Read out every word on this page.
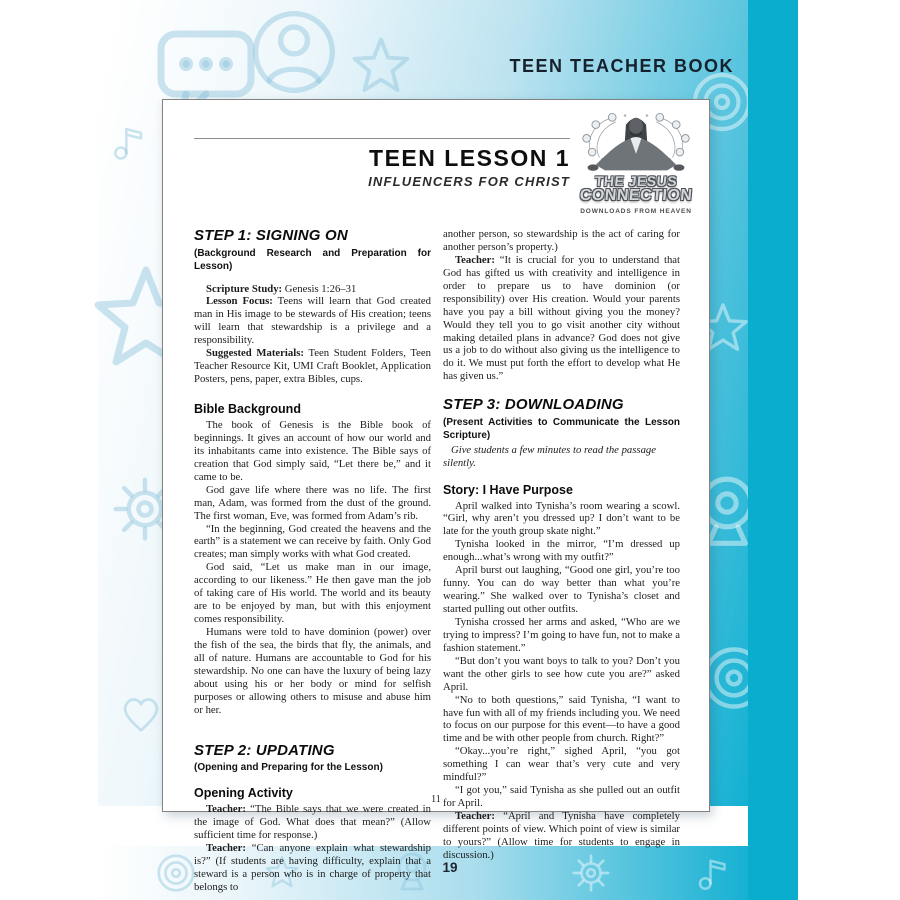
TEEN TEACHER BOOK
19
TEEN LESSON 1
INFLUENCERS FOR CHRIST	THE JESUS
CONNECTION
DOWNLOADS FROM HEAVEN
STEP 1: SIGNING ON
(Background Research and Preparation for Lesson)

Scripture Study: Genesis 1:26–31

Lesson Focus: Teens will learn that God created man in His image to be stewards of His creation; teens will learn that stewardship is a privilege and a responsibility.

Suggested Materials: Teen Student Folders, Teen Teacher Resource Kit, UMI Craft Booklet, Application Posters, pens, paper, extra Bibles, cups.

Bible Background

The book of Genesis is the Bible book of beginnings. It gives an account of how our world and its inhabitants came into existence. The Bible says of creation that God simply said, “Let there be,” and it came to be.

God gave life where there was no life. The first man, Adam, was formed from the dust of the ground. The first woman, Eve, was formed from Adam’s rib.

“In the beginning, God created the heavens and the earth” is a statement we can receive by faith. Only God creates; man simply works with what God created.

God said, “Let us make man in our image, according to our likeness.” He then gave man the job of taking care of His world. The world and its beauty are to be enjoyed by man, but with this enjoyment comes responsibility.

Humans were told to have dominion (power) over the fish of the sea, the birds that fly, the animals, and all of nature. Humans are accountable to God for his stewardship. No one can have the luxury of being lazy about using his or her body or mind for selfish purposes or allowing others to misuse and abuse him or her.

STEP 2: UPDATING
(Opening and Preparing for the Lesson)
Opening Activity

Teacher: “The Bible says that we were created in the image of God. What does that mean?” (Allow sufficient time for response.)

Teacher: “Can anyone explain what stewardship is?” (If students are having difficulty, explain that a steward is a person who is in charge of property that belongs to

another person, so stewardship is the act of caring for another person’s property.)

Teacher: “It is crucial for you to understand that God has gifted us with creativity and intelligence in order to prepare us to have dominion (or responsibility) over His creation. Would your parents have you pay a bill without giving you the money? Would they tell you to go visit another city without making detailed plans in advance? God does not give us a job to do without also giving us the intelligence to do it. We must put forth the effort to develop what He has given us.”

STEP 3: DOWNLOADING
(Present Activities to Communicate the Lesson Scripture)

Give students a few minutes to read the passage silently.

Story: I Have Purpose

April walked into Tynisha’s room wearing a scowl. “Girl, why aren’t you dressed up? I don’t want to be late for the youth group skate night.”

Tynisha looked in the mirror, “I’m dressed up enough...what’s wrong with my outfit?”

April burst out laughing, “Good one girl, you’re too funny. You can do way better than what you’re wearing.” She walked over to Tynisha’s closet and started pulling out other outfits.

Tynisha crossed her arms and asked, “Who are we trying to impress? I’m going to have fun, not to make a fashion statement.”

“But don’t you want boys to talk to you? Don’t you want the other girls to see how cute you are?” asked April.

“No to both questions,” said Tynisha, “I want to have fun with all of my friends including you. We need to focus on our purpose for this event—to have a good time and be with other people from church. Right?”

“Okay...you’re right,” sighed April, “you got something I can wear that’s very cute and very mindful?”

“I got you,” said Tynisha as she pulled out an outfit for April.

Teacher: “April and Tynisha have completely different points of view. Which point of view is similar to yours?” (Allow time for students to engage in discussion.)

11
